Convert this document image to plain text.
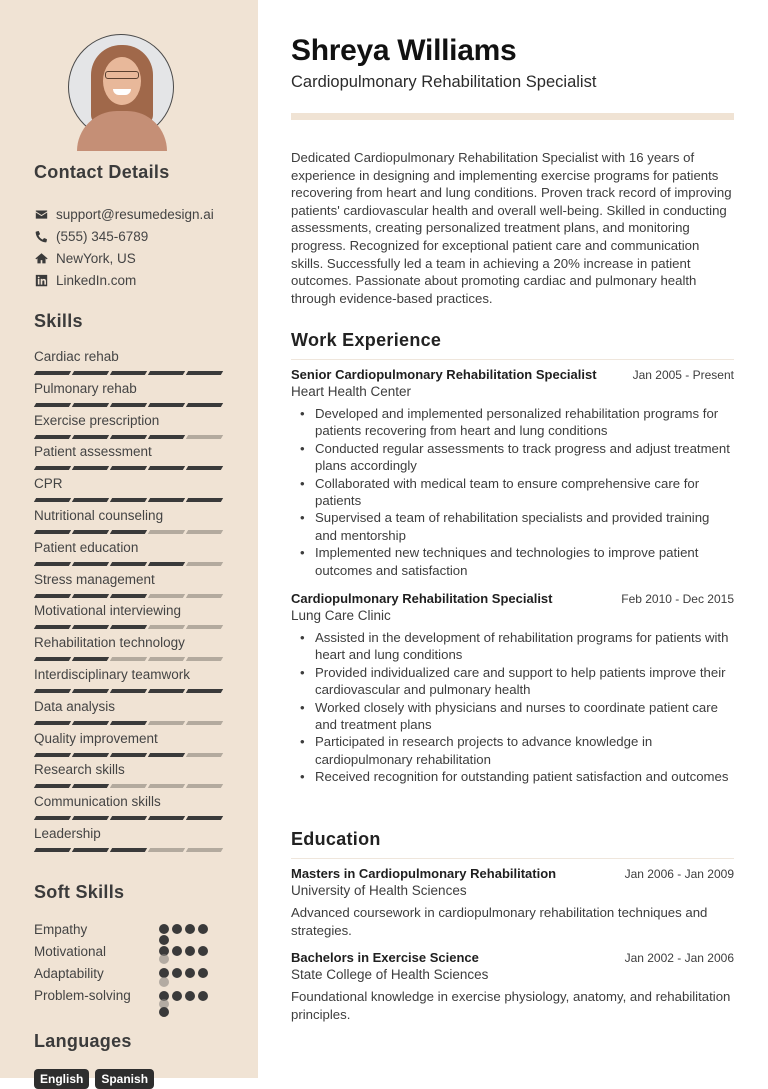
Contact Details
support@resumedesign.ai
(555) 345-6789
NewYork, US
LinkedIn.com
Skills
Cardiac rehab
Pulmonary rehab
Exercise prescription
Patient assessment
CPR
Nutritional counseling
Patient education
Stress management
Motivational interviewing
Rehabilitation technology
Interdisciplinary teamwork
Data analysis
Quality improvement
Research skills
Communication skills
Leadership
Soft Skills
Empathy
Motivational
Adaptability
Problem-solving
Languages
English	Spanish
Shreya Williams
Cardiopulmonary Rehabilitation Specialist

Dedicated Cardiopulmonary Rehabilitation Specialist with 16 years of experience in designing and implementing exercise programs for patients recovering from heart and lung conditions. Proven track record of improving patients' cardiovascular health and overall well-being. Skilled in conducting assessments, creating personalized treatment plans, and monitoring progress. Recognized for exceptional patient care and communication skills. Successfully led a team in achieving a 20% increase in patient outcomes. Passionate about promoting cardiac and pulmonary health through evidence-based practices.

Work Experience
Senior Cardiopulmonary Rehabilitation Specialist	Jan 2005 - Present
Heart Health Center
• Developed and implemented personalized rehabilitation programs for patients recovering from heart and lung conditions
• Conducted regular assessments to track progress and adjust treatment plans accordingly
• Collaborated with medical team to ensure comprehensive care for patients
• Supervised a team of rehabilitation specialists and provided training and mentorship
• Implemented new techniques and technologies to improve patient outcomes and satisfaction
Cardiopulmonary Rehabilitation Specialist	Feb 2010 - Dec 2015
Lung Care Clinic
• Assisted in the development of rehabilitation programs for patients with heart and lung conditions
• Provided individualized care and support to help patients improve their cardiovascular and pulmonary health
• Worked closely with physicians and nurses to coordinate patient care and treatment plans
• Participated in research projects to advance knowledge in cardiopulmonary rehabilitation
• Received recognition for outstanding patient satisfaction and outcomes
Education
Masters in Cardiopulmonary Rehabilitation	Jan 2006 - Jan 2009
University of Health Sciences
Advanced coursework in cardiopulmonary rehabilitation techniques and strategies.
Bachelors in Exercise Science	Jan 2002 - Jan 2006
State College of Health Sciences
Foundational knowledge in exercise physiology, anatomy, and rehabilitation principles.
